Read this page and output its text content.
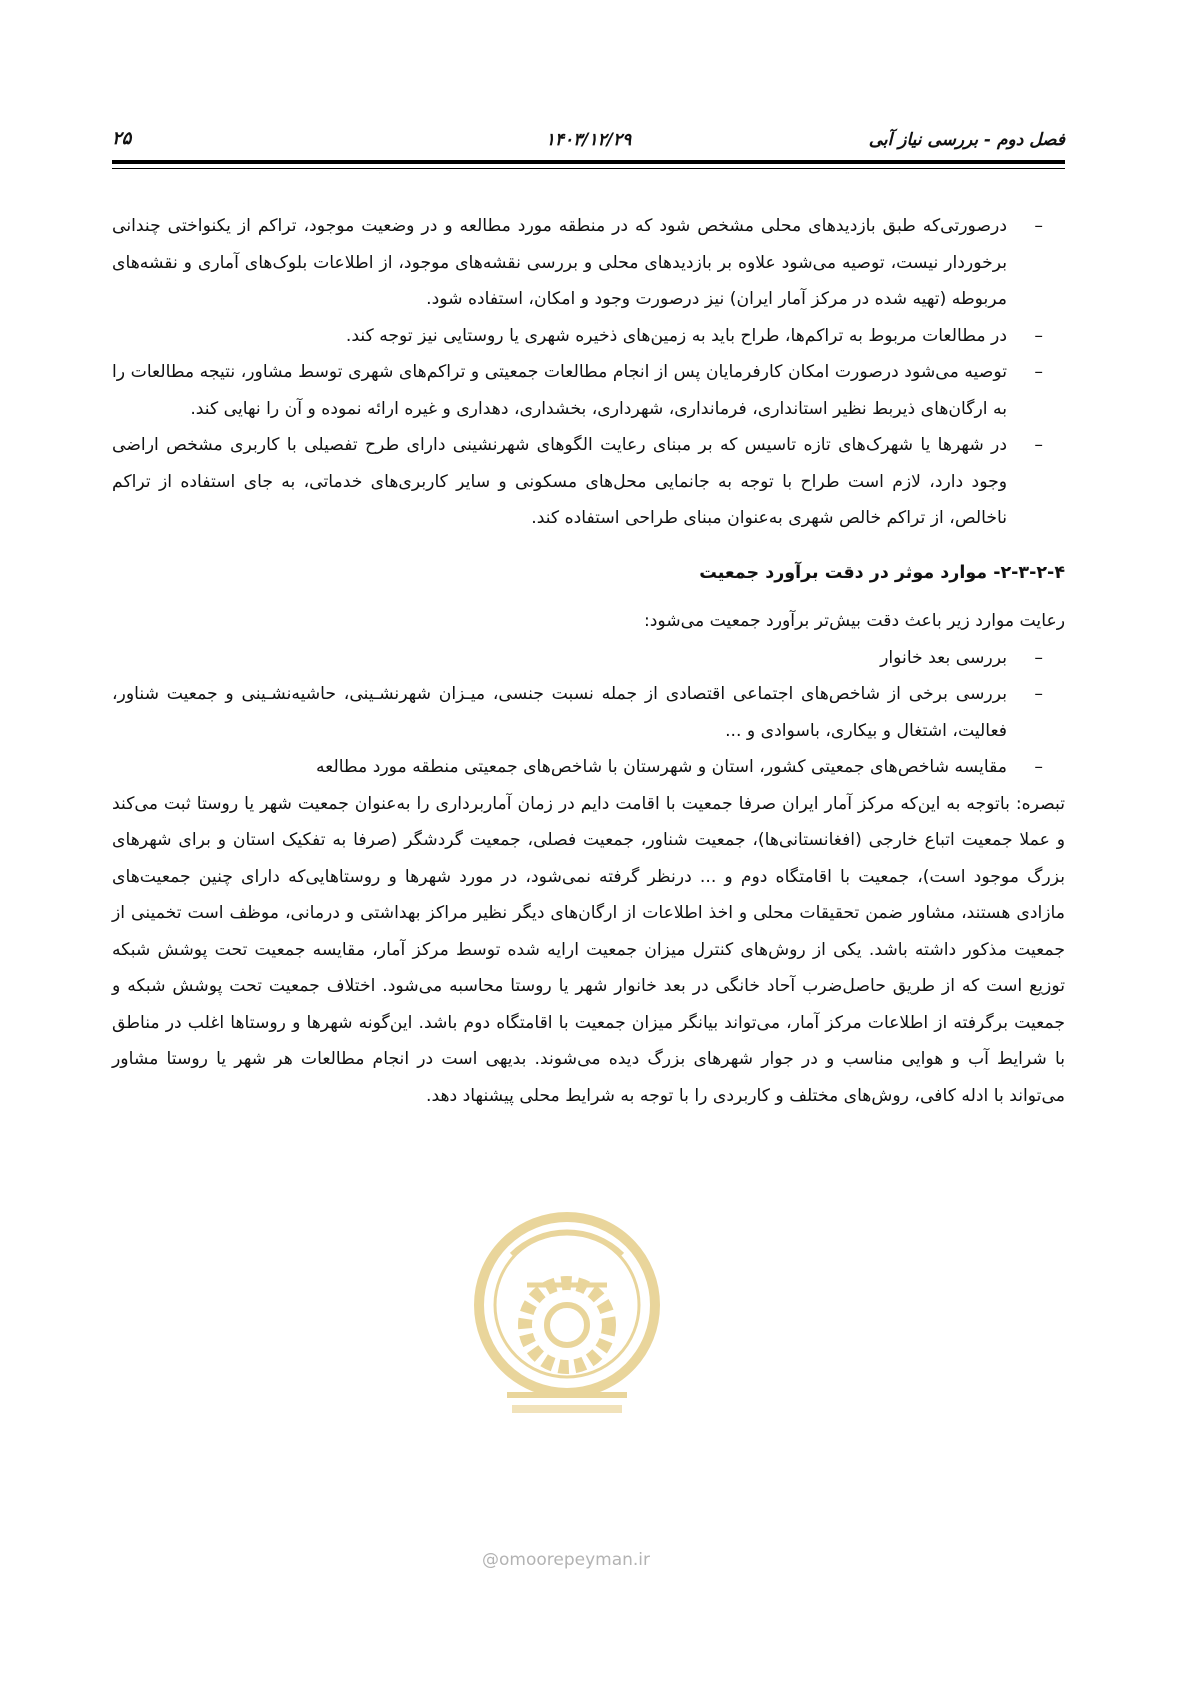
فصل دوم - بررسی نیاز آبی
۱۴۰۳/۱۲/۲۹
۲۵
–
درصورتی‌که طبق بازدیدهای محلی مشخص شود که در منطقه مورد مطالعه و در وضعیت موجود، تراکم از یکنواختی چندانی برخوردار نیست، توصیه می‌شود علاوه بر بازدیدهای محلی و بررسی نقشه‌های موجود، از اطلاعات بلوک‌های آماری و نقشه‌های مربوطه (تهیه شده در مرکز آمار ایران) نیز درصورت وجود و امکان، استفاده شود.
–
در مطالعات مربوط به تراکم‌ها، طراح باید به زمین‌های ذخیره شهری یا روستایی نیز توجه کند.
–
توصیه می‌شود درصورت امکان کارفرمایان پس از انجام مطالعات جمعیتی و تراکم‌های شهری توسط مشاور، نتیجه مطالعات را به ارگان‌های ذیربط نظیر استانداری، فرمانداری، شهرداری، بخشداری، دهداری و غیره ارائه نموده و آن را نهایی کند.
–
در شهرها یا شهرک‌های تازه تاسیس که بر مبنای رعایت الگوهای شهرنشینی دارای طرح تفصیلی با کاربری مشخص اراضی وجود دارد، لازم است طراح با توجه به جانمایی محل‌های مسکونی و سایر کاربری‌های خدماتی، به جای استفاده از تراکم ناخالص، از تراکم خالص شهری به‌عنوان مبنای طراحی استفاده کند.
۲-۳-۲-۴- موارد موثر در دقت برآورد جمعیت
رعایت موارد زیر باعث دقت بیش‌تر برآورد جمعیت می‌شود:
–
بررسی بعد خانوار
–
بررسی برخی از شاخص‌های اجتماعی اقتصادی از جمله نسبت جنسی، میـزان شهرنشـینی، حاشیه‌نشـینی و جمعیت شناور، فعالیت، اشتغال و بیکاری، باسوادی و ...
–
مقایسه شاخص‌های جمعیتی کشور، استان و شهرستان با شاخص‌های جمعیتی منطقه مورد مطالعه
تبصره: باتوجه به این‌که مرکز آمار ایران صرفا جمعیت با اقامت دایم در زمان آماربرداری را به‌عنوان جمعیت شهر یا روستا ثبت می‌کند و عملا جمعیت اتباع خارجی (افغانستانی‌ها)، جمعیت شناور، جمعیت فصلی، جمعیت گردشگر (صرفا به تفکیک استان و برای شهرهای بزرگ موجود است)، جمعیت با اقامتگاه دوم و ... درنظر گرفته نمی‌شود، در مورد شهرها و روستاهایی‌که دارای چنین جمعیت‌های مازادی هستند، مشاور ضمن تحقیقات محلی و اخذ اطلاعات از ارگان‌های دیگر نظیر مراکز بهداشتی و درمانی، موظف است تخمینی از جمعیت مذکور داشته باشد. یکی از روش‌های کنترل میزان جمعیت ارایه شده توسط مرکز آمار، مقایسه جمعیت تحت پوشش شبکه توزیع است که از طریق حاصل‌ضرب آحاد خانگی در بعد خانوار شهر یا روستا محاسبه می‌شود. اختلاف جمعیت تحت پوشش شبکه و جمعیت برگرفته از اطلاعات مرکز آمار، می‌تواند بیانگر میزان جمعیت با اقامتگاه دوم باشد. این‌گونه شهرها و روستاها اغلب در مناطق با شرایط آب و هوایی مناسب و در جوار شهرهای بزرگ دیده می‌شوند. بدیهی است در انجام مطالعات هر شهر یا روستا مشاور می‌تواند با ادله کافی، روش‌های مختلف و کاربردی را با توجه به شرایط محلی پیشنهاد دهد.
@omoorepeyman.ir
